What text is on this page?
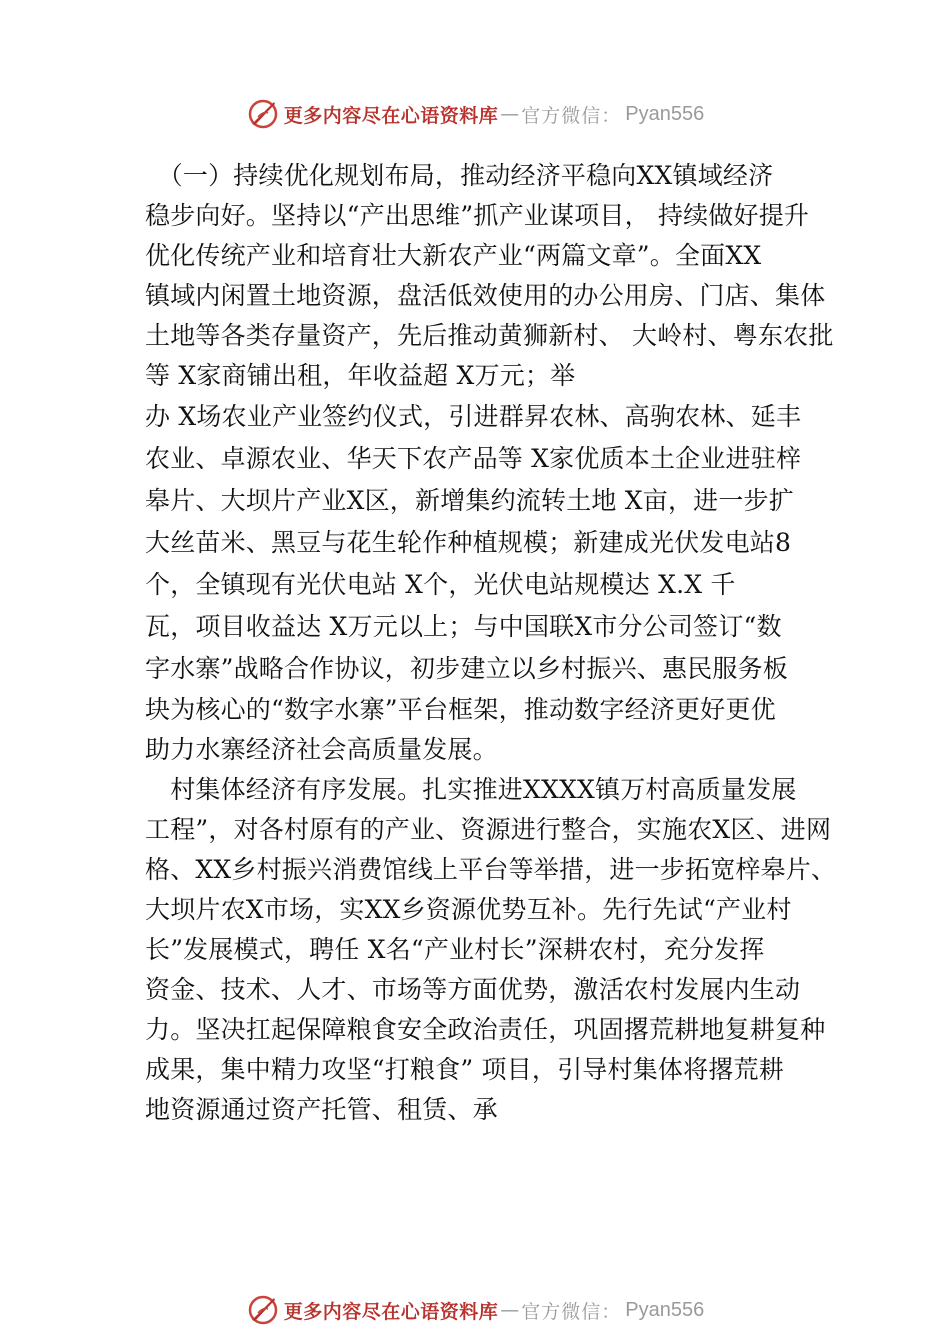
更多内容尽在心语资料库 — 官方微信： Pyan556
　（一）持续优化规划布局，推动经济平稳向XX镇域经济
稳步向好。坚持以“产出思维”抓产业谋项目， 持续做好提升
优化传统产业和培育壮大新农产业“两篇文章”。全面XX
镇域内闲置土地资源，盘活低效使用的办公用房、门店、集体
土地等各类存量资产，先后推动黄狮新村、 大岭村、粤东农批
等 X家商铺出租，年收益超 X万元；举
办 X场农业产业签约仪式，引进群昇农林、高驹农林、延丰
农业、卓源农业、华天下农产品等 X家优质本土企业进驻梓
皋片、大坝片产业X区，新增集约流转土地 X亩，进一步扩
大丝苗米、黑豆与花生轮作种植规模；新建成光伏发电站8
个，全镇现有光伏电站 X个，光伏电站规模达 X.X 千
瓦，项目收益达 X万元以上；与中国联X市分公司签订“数
字水寨”战略合作协议，初步建立以乡村振兴、惠民服务板
块为核心的“数字水寨”平台框架，推动数字经济更好更优
助力水寨经济社会高质量发展。
　村集体经济有序发展。扎实推进XXXX镇万村高质量发展
工程”，对各村原有的产业、资源进行整合，实施农X区、进网
格、XX乡村振兴消费馆线上平台等举措，进一步拓宽梓皋片、
大坝片农X市场，实XX乡资源优势互补。先行先试“产业村
长”发展模式，聘任 X名“产业村长”深耕农村，充分发挥
资金、技术、人才、市场等方面优势，激活农村发展内生动
力。坚决扛起保障粮食安全政治责任，巩固撂荒耕地复耕复种
成果，集中精力攻坚“打粮食” 项目，引导村集体将撂荒耕
地资源通过资产托管、租赁、承
更多内容尽在心语资料库 — 官方微信： Pyan556
